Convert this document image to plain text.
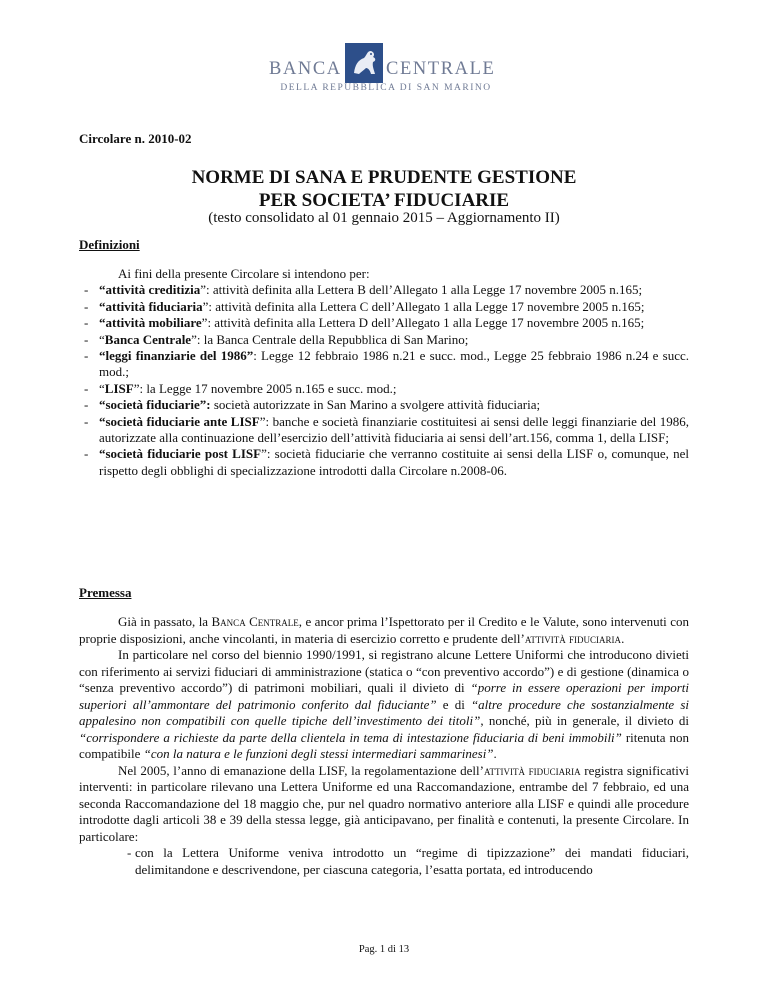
BANCA CENTRALE
DELLA REPUBBLICA DI SAN MARINO
Circolare n. 2010-02
NORME DI SANA E PRUDENTE GESTIONE
PER SOCIETA’ FIDUCIARIE
(testo consolidato al 01 gennaio 2015 – Aggiornamento II)
Definizioni
Ai fini della presente Circolare si intendono per:
- “attività creditizia”: attività definita alla Lettera B dell’Allegato 1 alla Legge 17 novembre 2005 n.165;
- “attività fiduciaria”: attività definita alla Lettera C dell’Allegato 1 alla Legge 17 novembre 2005 n.165;
- “attività mobiliare”: attività definita alla Lettera D dell’Allegato 1 alla Legge 17 novembre 2005 n.165;
- “Banca Centrale”: la Banca Centrale della Repubblica di San Marino;
- “leggi finanziarie del 1986”: Legge 12 febbraio 1986 n.21 e succ. mod., Legge 25 febbraio 1986 n.24 e succ. mod.;
- “LISF”: la Legge 17 novembre 2005 n.165 e succ. mod.;
- “società fiduciarie”: società autorizzate in San Marino a svolgere attività fiduciaria;
- “società fiduciarie ante LISF”: banche e società finanziarie costituitesi ai sensi delle leggi finanziarie del 1986, autorizzate alla continuazione dell’esercizio dell’attività fiduciaria ai sensi dell’art.156, comma 1, della LISF;
- “società fiduciarie post LISF”: società fiduciarie che verranno costituite ai sensi della LISF o, comunque, nel rispetto degli obblighi di specializzazione introdotti dalla Circolare n.2008-06.
Premessa

Già in passato, la Banca Centrale, e ancor prima l’Ispettorato per il Credito e le Valute, sono intervenuti con proprie disposizioni, anche vincolanti, in materia di esercizio corretto e prudente dell’attività fiduciaria.

In particolare nel corso del biennio 1990/1991, si registrano alcune Lettere Uniformi che introducono divieti con riferimento ai servizi fiduciari di amministrazione (statica o “con preventivo accordo”) e di gestione (dinamica o “senza preventivo accordo”) di patrimoni mobiliari, quali il divieto di “porre in essere operazioni per importi superiori all’ammontare del patrimonio conferito dal fiduciante” e di “altre procedure che sostanzialmente si appalesino non compatibili con quelle tipiche dell’investimento dei titoli”, nonché, più in generale, il divieto di “corrispondere a richieste da parte della clientela in tema di intestazione fiduciaria di beni immobili” ritenuta non compatibile “con la natura e le funzioni degli stessi intermediari sammarinesi”.

Nel 2005, l’anno di emanazione della LISF, la regolamentazione dell’attività fiduciaria registra significativi interventi: in particolare rilevano una Lettera Uniforme ed una Raccomandazione, entrambe del 7 febbraio, ed una seconda Raccomandazione del 18 maggio che, pur nel quadro normativo anteriore alla LISF e quindi alle procedure introdotte dagli articoli 38 e 39 della stessa legge, già anticipavano, per finalità e contenuti, la presente Circolare. In particolare:

- con la Lettera Uniforme veniva introdotto un “regime di tipizzazione” dei mandati fiduciari, delimitandone e descrivendone, per ciascuna categoria, l’esatta portata, ed introducendo
Pag. 1 di 13
